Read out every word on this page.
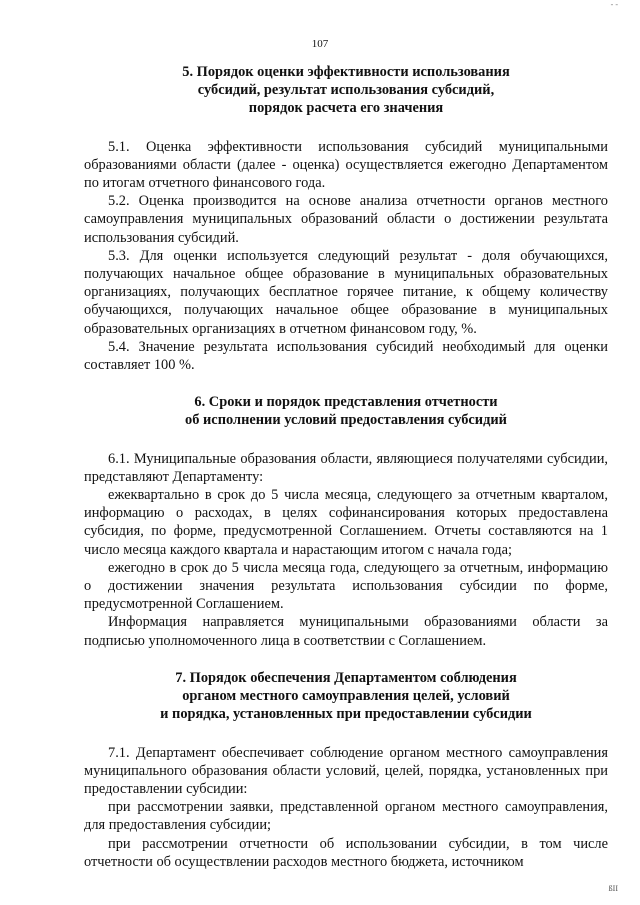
- -
107
5. Порядок оценки эффективности использования
субсидий, результат использования субсидий,
порядок расчета его значения

5.1. Оценка эффективности использования субсидий муниципальными образованиями области (далее - оценка) осуществляется ежегодно Департаментом по итогам отчетного финансового года.

5.2. Оценка производится на основе анализа отчетности органов местного самоуправления муниципальных образований области о достижении результата использования субсидий.

5.3. Для оценки используется следующий результат - доля обучающихся, получающих начальное общее образование в муниципальных образовательных организациях, получающих бесплатное горячее питание, к общему количеству обучающихся, получающих начальное общее образование в муниципальных образовательных организациях в отчетном финансовом году, %.

5.4. Значение результата использования субсидий необходимый для оценки составляет 100 %.

6. Сроки и порядок представления отчетности
об исполнении условий предоставления субсидий

6.1. Муниципальные образования области, являющиеся получателями субсидии, представляют Департаменту:

ежеквартально в срок до 5 числа месяца, следующего за отчетным кварталом, информацию о расходах, в целях софинансирования которых предоставлена субсидия, по форме, предусмотренной Соглашением. Отчеты составляются на 1 число месяца каждого квартала и нарастающим итогом с начала года;

ежегодно в срок до 5 числа месяца года, следующего за отчетным, информацию о достижении значения результата использования субсидии по форме, предусмотренной Соглашением.

Информация направляется муниципальными образованиями области за подписью уполномоченного лица в соответствии с Соглашением.

7. Порядок обеспечения Департаментом соблюдения
органом местного самоуправления целей, условий
и порядка, установленных при предоставлении субсидии

7.1. Департамент обеспечивает соблюдение органом местного самоуправления муниципального образования области условий, целей, порядка, установленных при предоставлении субсидии:

при рассмотрении заявки, представленной органом местного самоуправления, для предоставления субсидии;

при рассмотрении отчетности об использовании субсидии, в том числе отчетности об осуществлении расходов местного бюджета, источником

ßΙΙ
